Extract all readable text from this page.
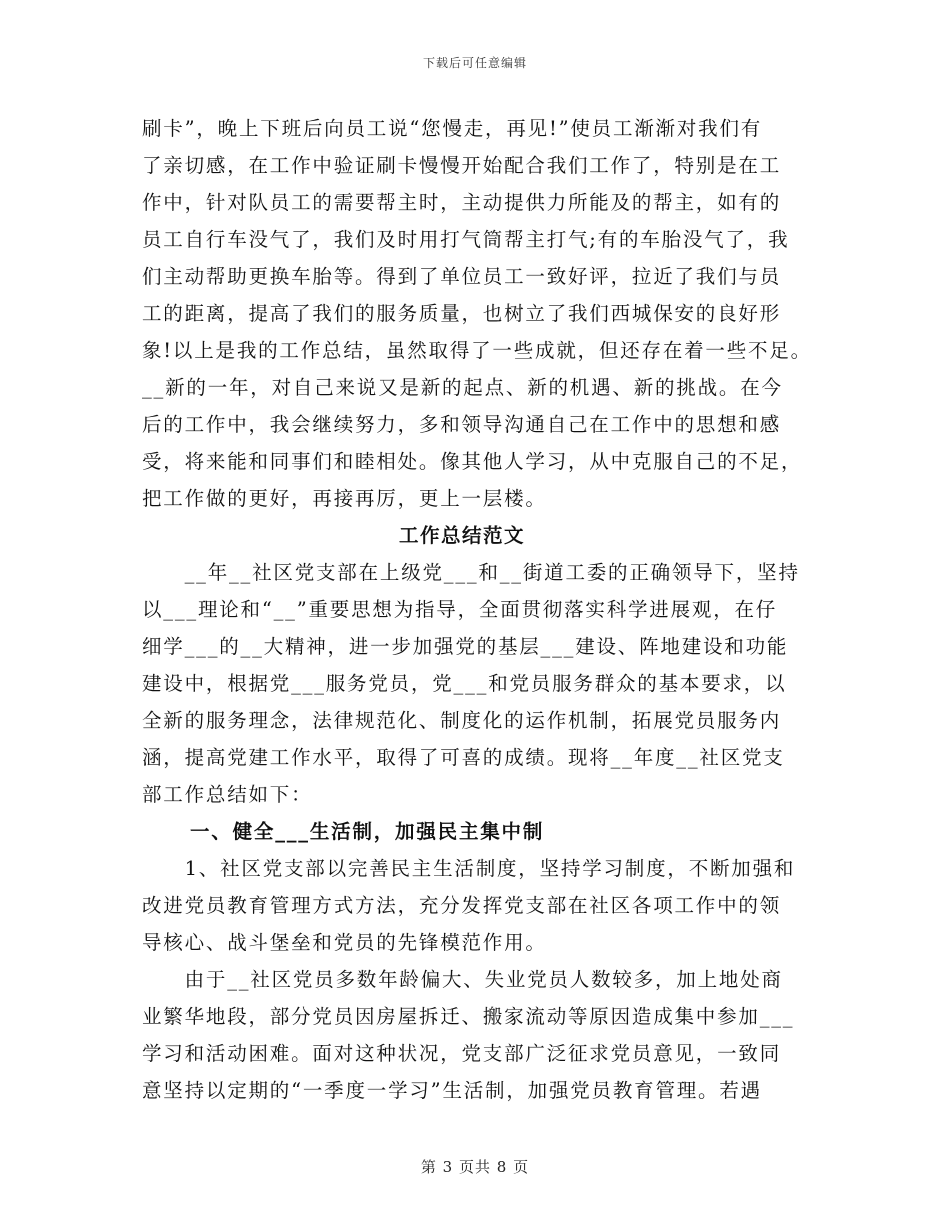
下载后可任意编辑
刷卡”，晚上下班后向员工说“您慢走，再见!”使员工渐渐对我们有
了亲切感，在工作中验证刷卡慢慢开始配合我们工作了，特别是在工
作中，针对队员工的需要帮主时，主动提供力所能及的帮主，如有的
员工自行车没气了，我们及时用打气筒帮主打气;有的车胎没气了，我
们主动帮助更换车胎等。得到了单位员工一致好评，拉近了我们与员
工的距离，提高了我们的服务质量，也树立了我们西城保安的良好形
象!以上是我的工作总结，虽然取得了一些成就，但还存在着一些不足。
__新的一年，对自己来说又是新的起点、新的机遇、新的挑战。在今
后的工作中，我会继续努力，多和领导沟通自己在工作中的思想和感
受，将来能和同事们和睦相处。像其他人学习，从中克服自己的不足，
把工作做的更好，再接再厉，更上一层楼。
工作总结范文
　　__年__社区党支部在上级党___和__街道工委的正确领导下，坚持
以___理论和“__”重要思想为指导，全面贯彻落实科学进展观，在仔
细学___的__大精神，进一步加强党的基层___建设、阵地建设和功能
建设中，根据党___服务党员，党___和党员服务群众的基本要求，以
全新的服务理念，法律规范化、制度化的运作机制，拓展党员服务内
涵，提高党建工作水平，取得了可喜的成绩。现将__年度__社区党支
部工作总结如下：
一、健全___生活制，加强民主集中制
　　1、社区党支部以完善民主生活制度，坚持学习制度，不断加强和
改进党员教育管理方式方法，充分发挥党支部在社区各项工作中的领
导核心、战斗堡垒和党员的先锋模范作用。
　　由于__社区党员多数年龄偏大、失业党员人数较多，加上地处商
业繁华地段，部分党员因房屋拆迁、搬家流动等原因造成集中参加___
学习和活动困难。面对这种状况，党支部广泛征求党员意见，一致同
意坚持以定期的“一季度一学习”生活制，加强党员教育管理。若遇
第 3 页共 8 页
